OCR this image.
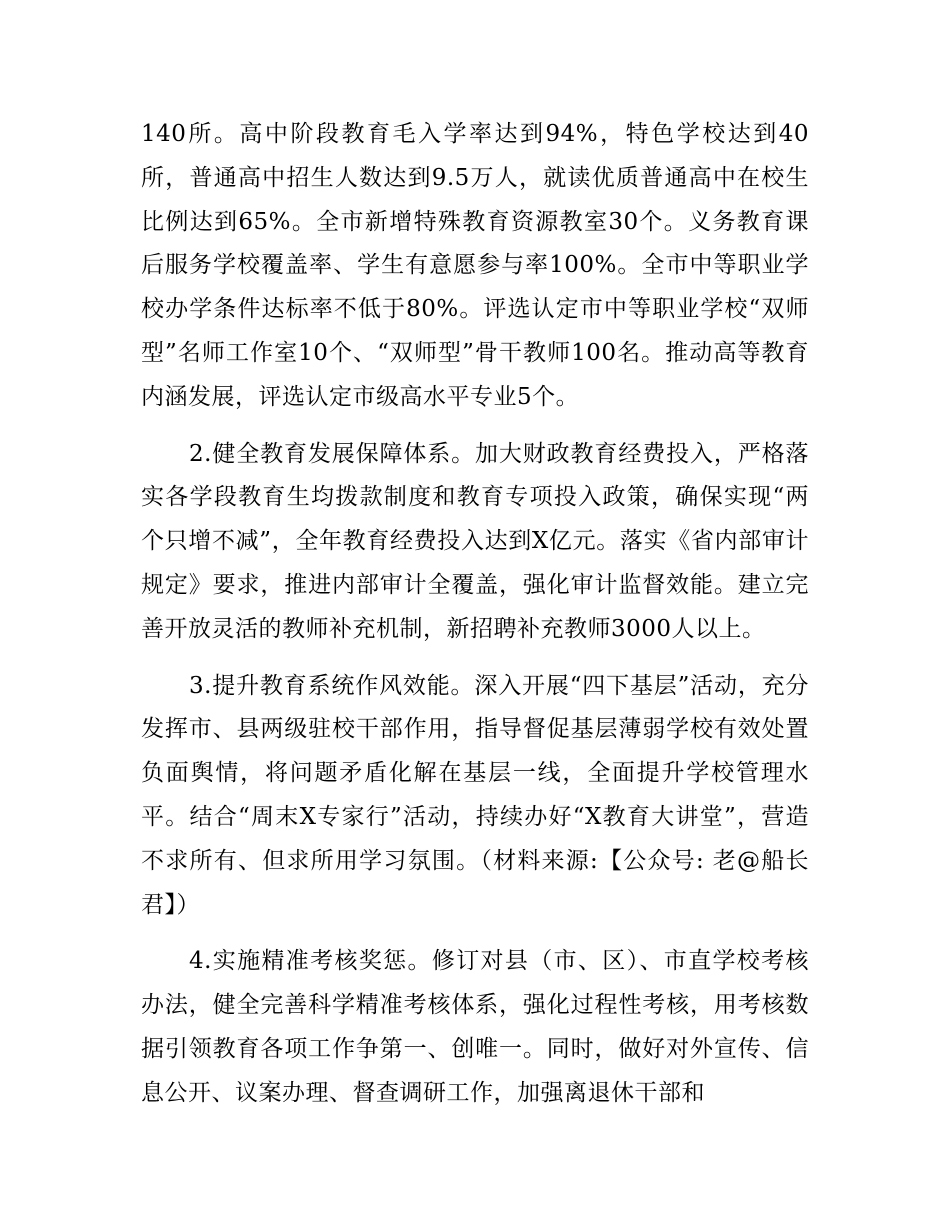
140所。高中阶段教育毛入学率达到94%，特色学校达到40所，普通高中招生人数达到9.5万人，就读优质普通高中在校生比例达到65%。全市新增特殊教育资源教室30个。义务教育课后服务学校覆盖率、学生有意愿参与率100%。全市中等职业学校办学条件达标率不低于80%。评选认定市中等职业学校“双师型”名师工作室10个、“双师型”骨干教师100名。推动高等教育内涵发展，评选认定市级高水平专业5个。

2.健全教育发展保障体系。加大财政教育经费投入，严格落实各学段教育生均拨款制度和教育专项投入政策，确保实现“两个只增不减”，全年教育经费投入达到X亿元。落实《省内部审计规定》要求，推进内部审计全覆盖，强化审计监督效能。建立完善开放灵活的教师补充机制，新招聘补充教师3000人以上。

3.提升教育系统作风效能。深入开展“四下基层”活动，充分发挥市、县两级驻校干部作用，指导督促基层薄弱学校有效处置负面舆情，将问题矛盾化解在基层一线，全面提升学校管理水平。结合“周末X专家行”活动，持续办好“X教育大讲堂”，营造不求所有、但求所用学习氛围。（材料来源:【公众号: 老@船长君】）

4.实施精准考核奖惩。修订对县（市、区）、市直学校考核办法，健全完善科学精准考核体系，强化过程性考核，用考核数据引领教育各项工作争第一、创唯一。同时，做好对外宣传、信息公开、议案办理、督查调研工作，加强离退休干部和
